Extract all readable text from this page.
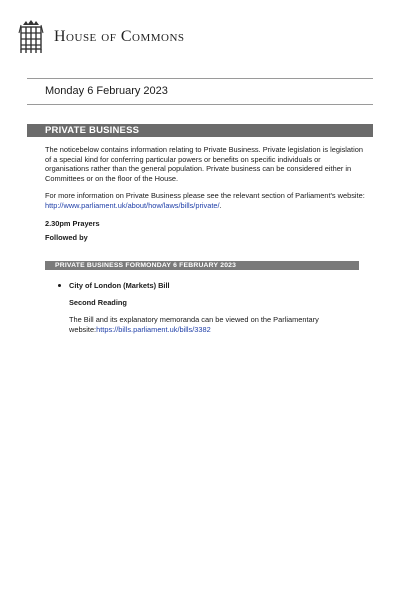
House of Commons
Monday 6 February 2023
PRIVATE BUSINESS

The noticebelow contains information relating to Private Business. Private legislation is legislation of a special kind for conferring particular powers or benefits on specific individuals or organisations rather than the general population. Private business can be considered either in Committees or on the floor of the House.

For more information on Private Business please see the relevant section of Parliament's website: http://www.parliament.uk/about/how/laws/bills/private/.

2.30pm Prayers
Followed by
PRIVATE BUSINESS FORMONDAY 6 FEBRUARY 2023
City of London (Markets) Bill
Second Reading
The Bill and its explanatory memoranda can be viewed on the Parliamentary website:https://bills.parliament.uk/bills/3382
